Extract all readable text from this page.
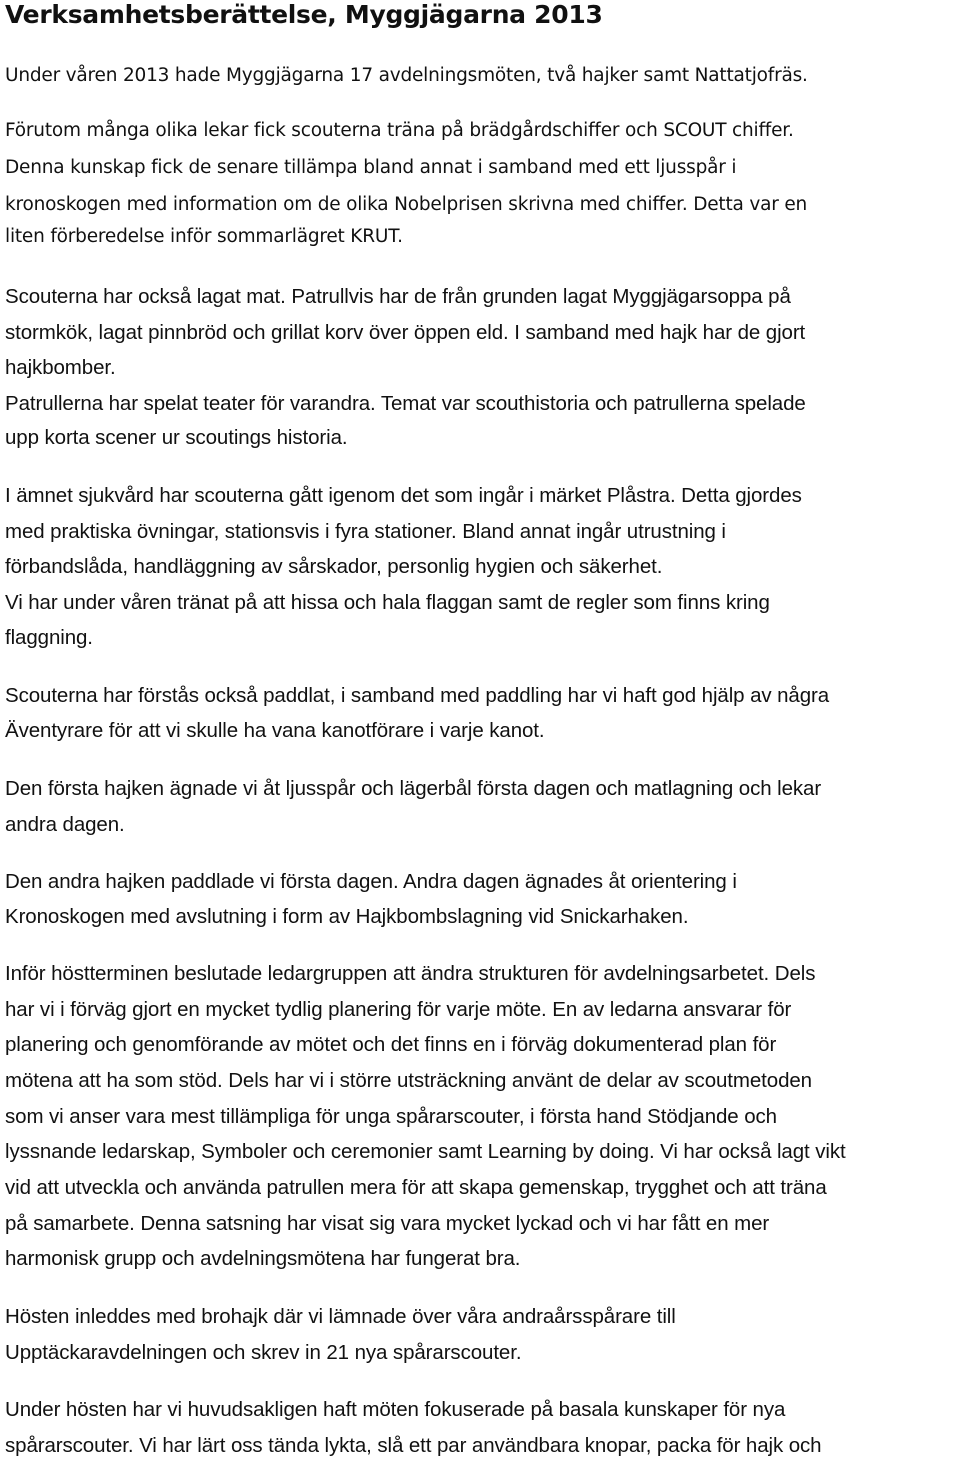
Verksamhetsberättelse, Myggjägarna 2013

Under våren 2013 hade Myggjägarna 17 avdelningsmöten, två hajker samt Nattatjofräs.

Förutom många olika lekar fick scouterna träna på brädgårdschiffer och SCOUT chiffer.

Denna kunskap fick de senare tillämpa bland annat i samband med ett ljusspår i

kronoskogen med information om de olika Nobelprisen skrivna med chiffer. Detta var en

liten förberedelse inför sommarlägret KRUT.

Scouterna har också lagat mat. Patrullvis har de från grunden lagat Myggjägarsoppa på

stormkök, lagat pinnbröd och grillat korv över öppen eld. I samband med hajk har de gjort

hajkbomber.

Patrullerna har spelat teater för varandra. Temat var scouthistoria och patrullerna spelade

upp korta scener ur scoutings historia.

I ämnet sjukvård har scouterna gått igenom det som ingår i märket Plåstra. Detta gjordes

med praktiska övningar, stationsvis i fyra stationer. Bland annat ingår utrustning i

förbandslåda, handläggning av sårskador, personlig hygien och säkerhet.

Vi har under våren tränat på att hissa och hala flaggan samt de regler som finns kring

flaggning.

Scouterna har förstås också paddlat, i samband med paddling har vi haft god hjälp av några

Äventyrare för att vi skulle ha vana kanotförare i varje kanot.

Den första hajken ägnade vi åt ljusspår och lägerbål första dagen och matlagning och lekar

andra dagen.

Den andra hajken paddlade vi första dagen. Andra dagen ägnades åt orientering i

Kronoskogen med avslutning i form av Hajkbombslagning vid Snickarhaken.

Inför höstterminen beslutade ledargruppen att ändra strukturen för avdelningsarbetet. Dels

har vi i förväg gjort en mycket tydlig planering för varje möte. En av ledarna ansvarar för

planering och genomförande av mötet och det finns en i förväg dokumenterad plan för

mötena att ha som stöd. Dels har vi i större utsträckning använt de delar av scoutmetoden

som vi anser vara mest tillämpliga för unga spårarscouter, i första hand Stödjande och

lyssnande ledarskap, Symboler och ceremonier samt Learning by doing. Vi har också lagt vikt

vid att utveckla och använda patrullen mera för att skapa gemenskap, trygghet och att träna

på samarbete. Denna satsning har visat sig vara mycket lyckad och vi har fått en mer

harmonisk grupp och avdelningsmötena har fungerat bra.

Hösten inleddes med brohajk där vi lämnade över våra andraårsspårare till

Upptäckaravdelningen och skrev in 21 nya spårarscouter.

Under hösten har vi huvudsakligen haft möten fokuserade på basala kunskaper för nya

spårarscouter. Vi har lärt oss tända lykta, slå ett par användbara knopar, packa för hajk och
